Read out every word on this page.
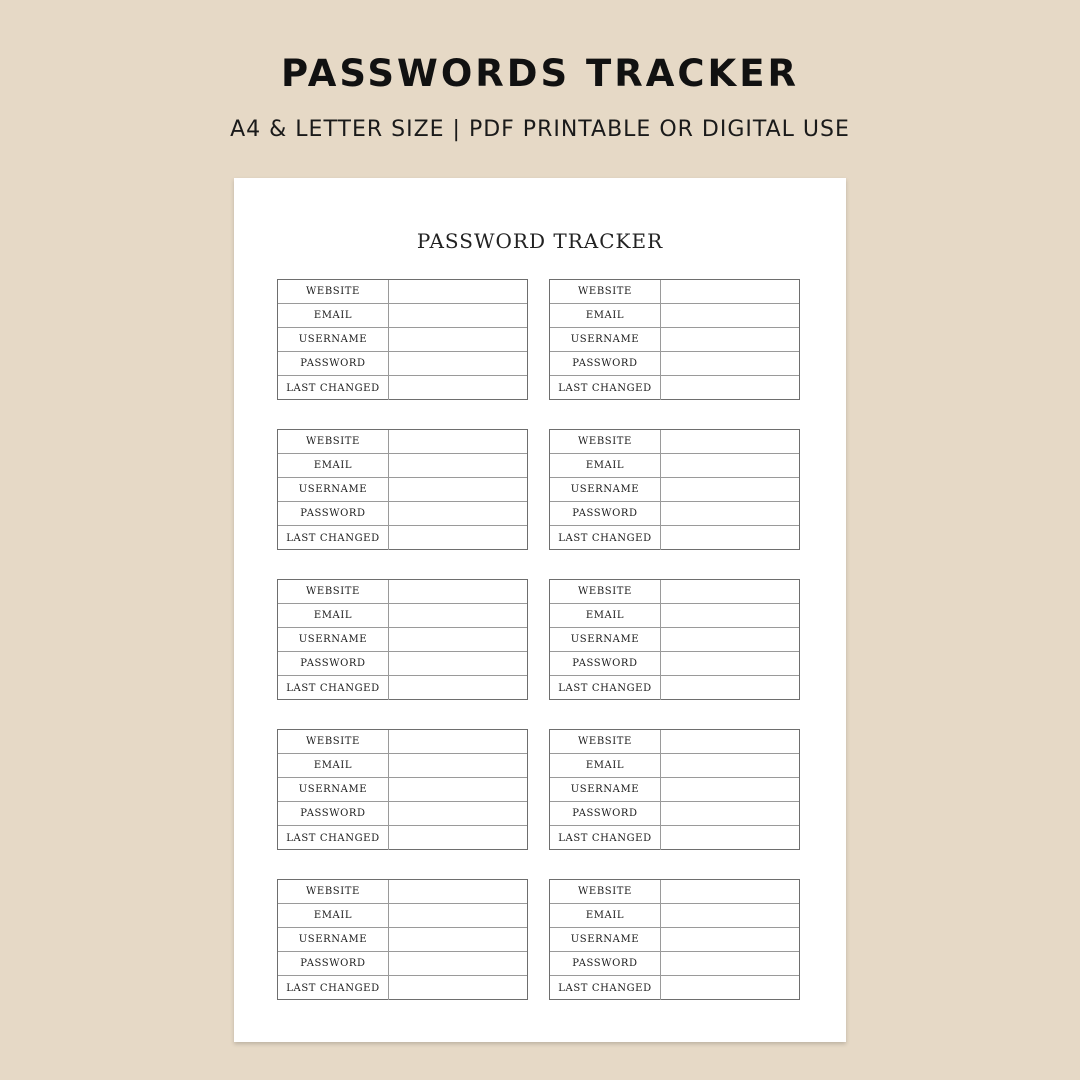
PASSWORDS TRACKER
A4 & LETTER SIZE | PDF PRINTABLE OR DIGITAL USE
PASSWORD TRACKER
WEBSITE
EMAIL
USERNAME
PASSWORD
LAST CHANGED
WEBSITE
EMAIL
USERNAME
PASSWORD
LAST CHANGED
WEBSITE
EMAIL
USERNAME
PASSWORD
LAST CHANGED
WEBSITE
EMAIL
USERNAME
PASSWORD
LAST CHANGED
WEBSITE
EMAIL
USERNAME
PASSWORD
LAST CHANGED
WEBSITE
EMAIL
USERNAME
PASSWORD
LAST CHANGED
WEBSITE
EMAIL
USERNAME
PASSWORD
LAST CHANGED
WEBSITE
EMAIL
USERNAME
PASSWORD
LAST CHANGED
WEBSITE
EMAIL
USERNAME
PASSWORD
LAST CHANGED
WEBSITE
EMAIL
USERNAME
PASSWORD
LAST CHANGED
